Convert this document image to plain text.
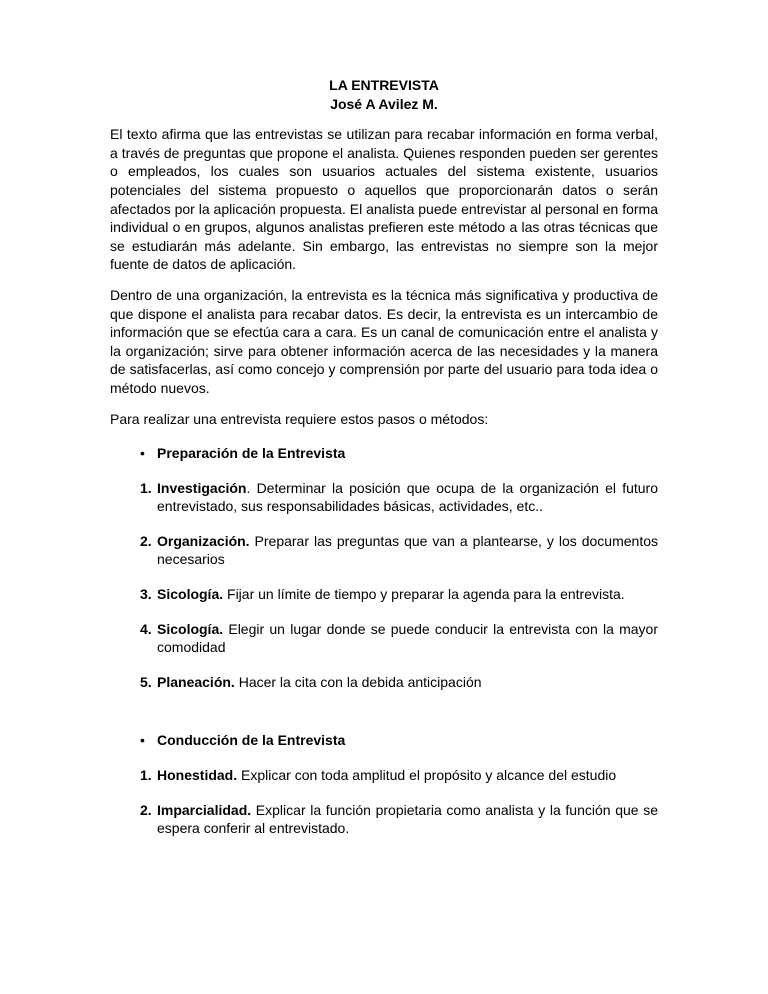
LA ENTREVISTA
José A Avilez M.

El texto afirma que las entrevistas se utilizan para recabar información en forma verbal, a través de preguntas que propone el analista. Quienes responden pueden ser gerentes o empleados, los cuales son usuarios actuales del sistema existente, usuarios potenciales del sistema propuesto o aquellos que proporcionarán datos o serán afectados por la aplicación propuesta. El analista puede entrevistar al personal en forma individual o en grupos, algunos analistas prefieren este método a las otras técnicas que se estudiarán más adelante. Sin embargo, las entrevistas no siempre son la mejor fuente de datos de aplicación.

Dentro de una organización, la entrevista es la técnica más significativa y productiva de que dispone el analista para recabar datos. Es decir, la entrevista es un intercambio de información que se efectúa cara a cara. Es un canal de comunicación entre el analista y la organización; sirve para obtener información acerca de las necesidades y la manera de satisfacerlas, así como concejo y comprensión por parte del usuario para toda idea o método nuevos.

Para realizar una entrevista requiere estos pasos o métodos:

• Preparación de la Entrevista
1. Investigación. Determinar la posición que ocupa de la organización el futuro entrevistado, sus responsabilidades básicas, actividades, etc..
2. Organización. Preparar las preguntas que van a plantearse, y los documentos necesarios
3. Sicología. Fijar un límite de tiempo y preparar la agenda para la entrevista.
4. Sicología. Elegir un lugar donde se puede conducir la entrevista con la mayor comodidad
5. Planeación. Hacer la cita con la debida anticipación
• Conducción de la Entrevista
1. Honestidad. Explicar con toda amplitud el propósito y alcance del estudio
2. Imparcialidad. Explicar la función propietaria como analista y la función que se espera conferir al entrevistado.
